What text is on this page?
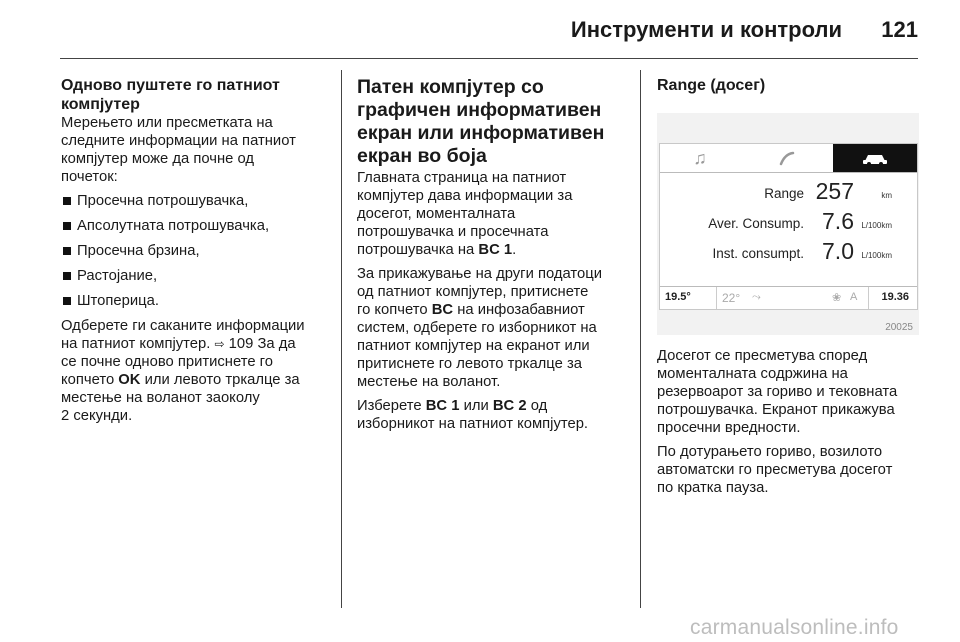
Инструменти и контроли 121
Одново пуштете го патниот
компјутер

Мерењето или пресметката на
следните информации на патниот
компјутер може да почне од
почеток:

Просечна потрошувачка,
Апсолутната потрошувачка,
Просечна брзина,
Растојание,
Штоперица.

Одберете ги саканите информации
на патниот компјутер. ⇨ 109 За да
се почне одново притиснете го
копчето OK или левото тркалце за
местење на воланот заоколу
2 секунди.

Патен компјутер со
графичен информативен
екран или информативен
екран во боја

Главната страница на патниот
компјутер дава информации за
досегот, моменталната
потрошувачка и просечната
потрошувачка на BC 1.

За прикажување на други податоци
од патниот компјутер, притиснете
го копчето BC на инфозабавниот
систем, одберете го изборникот на
патниот компјутер на екранот или
притиснете го левото тркалце за
местење на воланот.

Изберете BC 1 или BC 2 од
изборникот на патниот компјутер.

Range (досег)
♫
Range 257	km
Aver. Consump. 7.6 L/100km
Inst. consumpt. 7.0 L/100km
19.5°	22° ⤳	❀ A 19.36
20025

Досегот се пресметува според
моменталната содржина на
резервоарот за гориво и тековната
потрошувачка. Екранот прикажува
просечни вредности.

По дотурањето гориво, возилото
автоматски го пресметува досегот
по кратка пауза.

carmanualsonline.info
